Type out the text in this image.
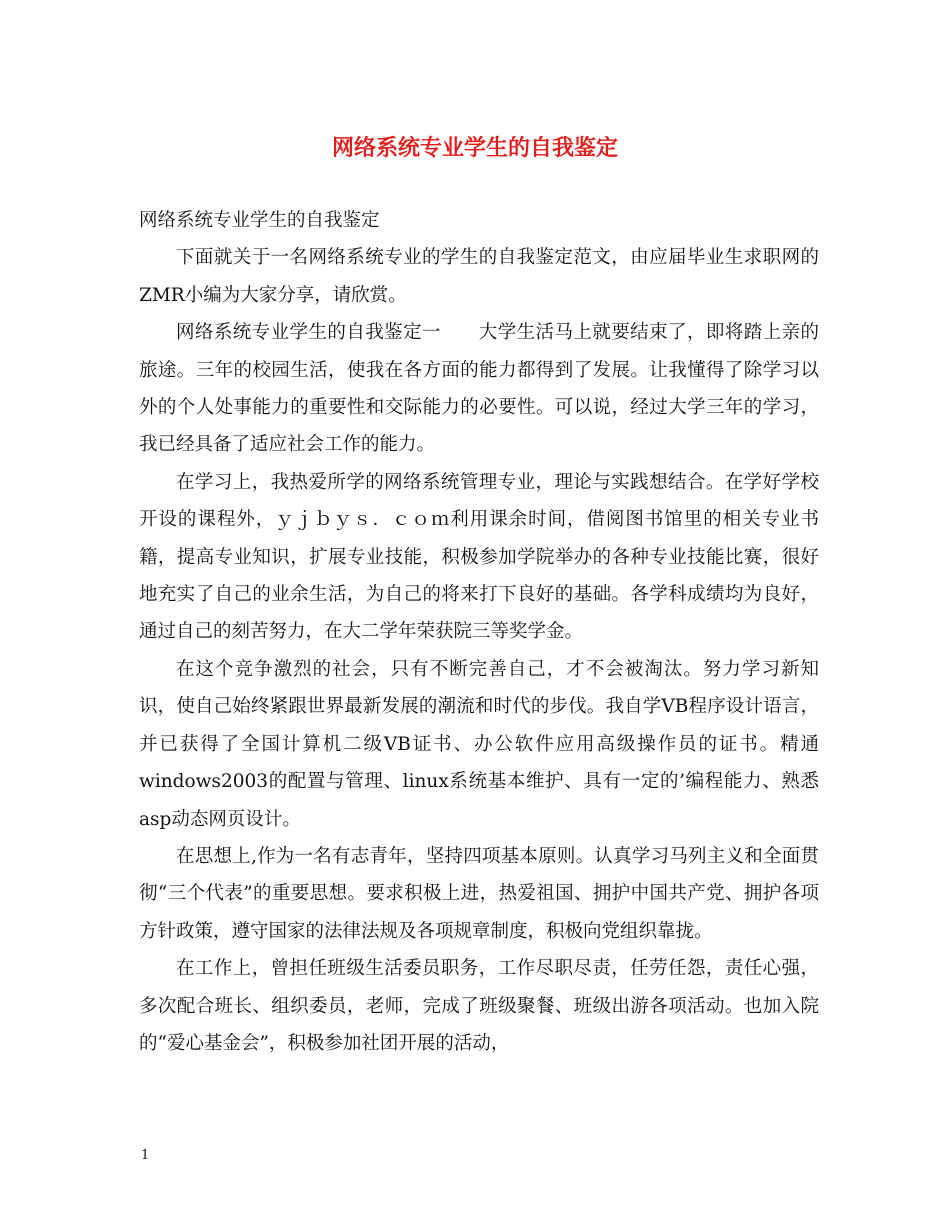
网络系统专业学生的自我鉴定

网络系统专业学生的自我鉴定

下面就关于一名网络系统专业的学生的自我鉴定范文，由应届毕业生求职网的ZMR小编为大家分享，请欣赏。

网络系统专业学生的自我鉴定一　　大学生活马上就要结束了，即将踏上亲的旅途。三年的校园生活，使我在各方面的能力都得到了发展。让我懂得了除学习以外的个人处事能力的重要性和交际能力的必要性。可以说，经过大学三年的学习，我已经具备了适应社会工作的能力。

在学习上，我热爱所学的网络系统管理专业，理论与实践想结合。在学好学校开设的课程外，ｙｊｂｙｓ．ｃｏｍ利用课余时间，借阅图书馆里的相关专业书籍，提高专业知识，扩展专业技能，积极参加学院举办的各种专业技能比赛，很好地充实了自己的业余生活，为自己的将来打下良好的基础。各学科成绩均为良好，通过自己的刻苦努力，在大二学年荣获院三等奖学金。

在这个竞争激烈的社会，只有不断完善自己，才不会被淘汰。努力学习新知识，使自己始终紧跟世界最新发展的潮流和时代的步伐。我自学VB程序设计语言，并已获得了全国计算机二级VB证书、办公软件应用高级操作员的证书。精通windows2003的配置与管理、linux系统基本维护、具有一定的’编程能力、熟悉asp动态网页设计。

在思想上,作为一名有志青年，坚持四项基本原则。认真学习马列主义和全面贯彻“三个代表”的重要思想。要求积极上进，热爱祖国、拥护中国共产党、拥护各项方针政策，遵守国家的法律法规及各项规章制度，积极向党组织靠拢。

在工作上，曾担任班级生活委员职务，工作尽职尽责，任劳任怨，责任心强，多次配合班长、组织委员，老师，完成了班级聚餐、班级出游各项活动。也加入院的“爱心基金会”，积极参加社团开展的活动，

1
